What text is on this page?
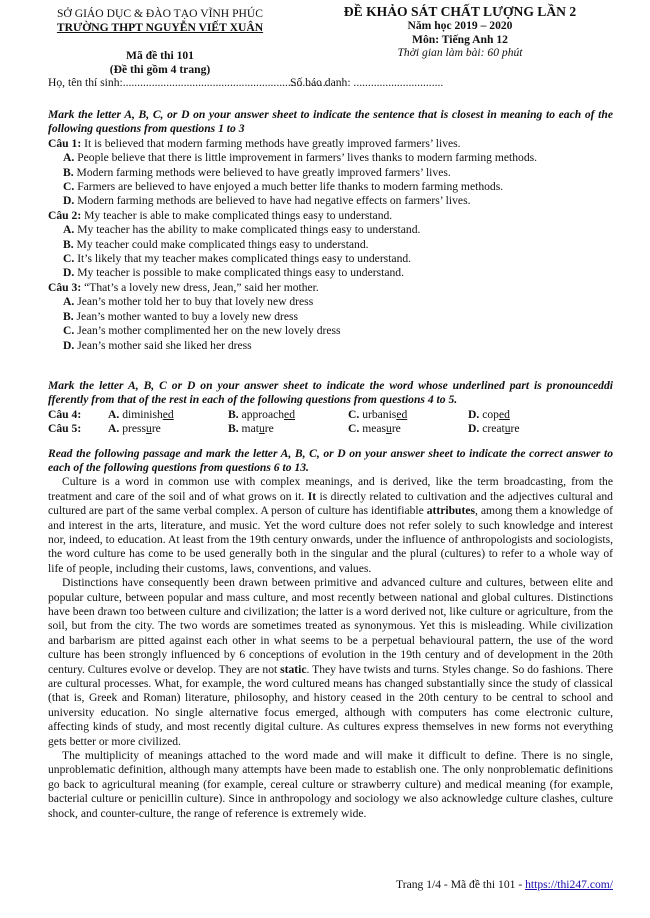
SỞ GIÁO DỤC & ĐÀO TẠO VĨNH PHÚC
TRƯỜNG THPT NGUYỄN VIẾT XUÂN
Mã đề thi 101
(Đề thi gồm 4 trang)
ĐỀ KHẢO SÁT CHẤT LƯỢNG LẦN 2
Năm học 2019 – 2020
Môn: Tiếng Anh 12
Thời gian làm bài: 60 phút
Họ, tên thí sinh:.......................................................................
Số báo danh: ...............................
Mark the letter A, B, C, or D on your answer sheet to indicate the sentence that is closest in meaning to each of the following questions from questions 1 to 3
Câu 1: It is believed that modern farming methods have greatly improved farmers’ lives.
A. People believe that there is little improvement in farmers’ lives thanks to modern farming methods.
B. Modern farming methods were believed to have greatly improved farmers’ lives.
C. Farmers are believed to have enjoyed a much better life thanks to modern farming methods.
D. Modern farming methods are believed to have had negative effects on farmers’ lives.
Câu 2: My teacher is able to make complicated things easy to understand.
A. My teacher has the ability to make complicated things easy to understand.
B. My teacher could make complicated things easy to understand.
C. It’s likely that my teacher makes complicated things easy to understand.
D. My teacher is possible to make complicated things easy to understand.
Câu 3: “That’s a lovely new dress, Jean,” said her mother.
A. Jean’s mother told her to buy that lovely new dress
B. Jean’s mother wanted to buy a lovely new dress
C. Jean’s mother complimented her on the new lovely dress
D. Jean’s mother said she liked her dress
Mark the letter A, B, C or D on your answer sheet to indicate the word whose underlined part is pronounceddi fferently from that of the rest in each of the following questions from questions 4 to 5.
Câu 4:	A. diminished	B. approached	C. urbanised	D. coped
Câu 5:	A. pressure	B. mature	C. measure	D. creature
Read the following passage and mark the letter A, B, C, or D on your answer sheet to indicate the correct answer to each of the following questions from questions 6 to 13.

Culture is a word in common use with complex meanings, and is derived, like the term broadcasting, from the treatment and care of the soil and of what grows on it. It is directly related to cultivation and the adjectives cultural and cultured are part of the same verbal complex. A person of culture has identifiable attributes, among them a knowledge of and interest in the arts, literature, and music. Yet the word culture does not refer solely to such knowledge and interest nor, indeed, to education. At least from the 19th century onwards, under the influence of anthropologists and sociologists, the word culture has come to be used generally both in the singular and the plural (cultures) to refer to a whole way of life of people, including their customs, laws, conventions, and values.

Distinctions have consequently been drawn between primitive and advanced culture and cultures, between elite and popular culture, between popular and mass culture, and most recently between national and global cultures. Distinctions have been drawn too between culture and civilization; the latter is a word derived not, like culture or agriculture, from the soil, but from the city. The two words are sometimes treated as synonymous. Yet this is misleading. While civilization and barbarism are pitted against each other in what seems to be a perpetual behavioural pattern, the use of the word culture has been strongly influenced by 6 conceptions of evolution in the 19th century and of development in the 20th century. Cultures evolve or develop. They are not static. They have twists and turns. Styles change. So do fashions. There are cultural processes. What, for example, the word cultured means has changed substantially since the study of classical (that is, Greek and Roman) literature, philosophy, and history ceased in the 20th century to be central to school and university education. No single alternative focus emerged, although with computers has come electronic culture, affecting kinds of study, and most recently digital culture. As cultures express themselves in new forms not everything gets better or more civilized.

The multiplicity of meanings attached to the word made and will make it difficult to define. There is no single, unproblematic definition, although many attempts have been made to establish one. The only nonproblematic definitions go back to agricultural meaning (for example, cereal culture or strawberry culture) and medical meaning (for example, bacterial culture or penicillin culture). Since in anthropology and sociology we also acknowledge culture clashes, culture shock, and counter-culture, the range of reference is extremely wide.

Trang 1/4 - Mã đề thi 101 - https://thi247.com/
